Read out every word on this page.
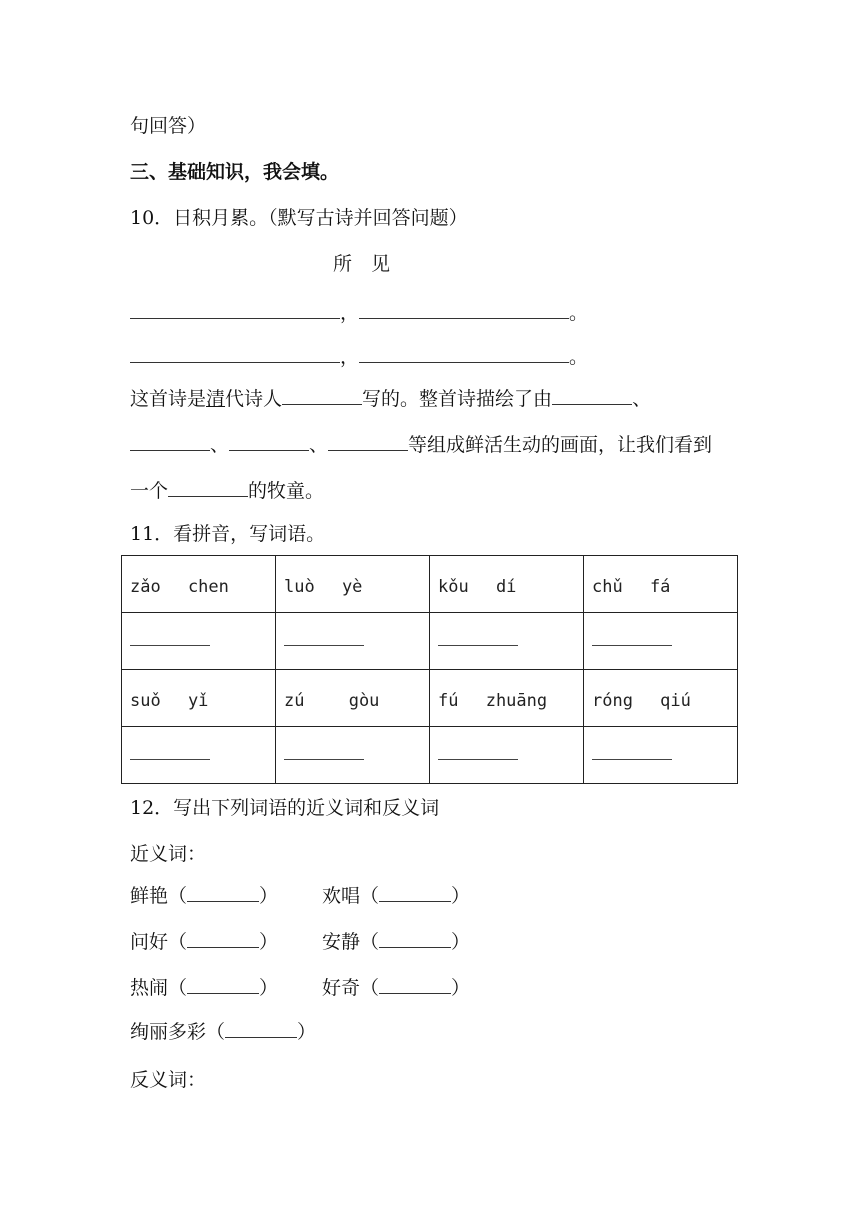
句回答）
三、基础知识，我会填。
10．日积月累。（默写古诗并回答问题）
所　见
，	。
，	。
这首诗是清代诗人	写的。整首诗描绘了由	、
、	、	等组成鲜活生动的画面，让我们看到
一个	的牧童。
11．看拼音，写词语。
zǎo　 chen	luò　 yè	kǒu　 dí	chǔ　 fá

suǒ　 yǐ	zú　　 gòu	fú　 zhuāng	róng　 qiú

12．写出下列词语的近义词和反义词
近义词：
鲜艳（	） 欢唱（	）
问好（	） 安静（	）
热闹（	） 好奇（	）
绚丽多彩（	）
反义词：
